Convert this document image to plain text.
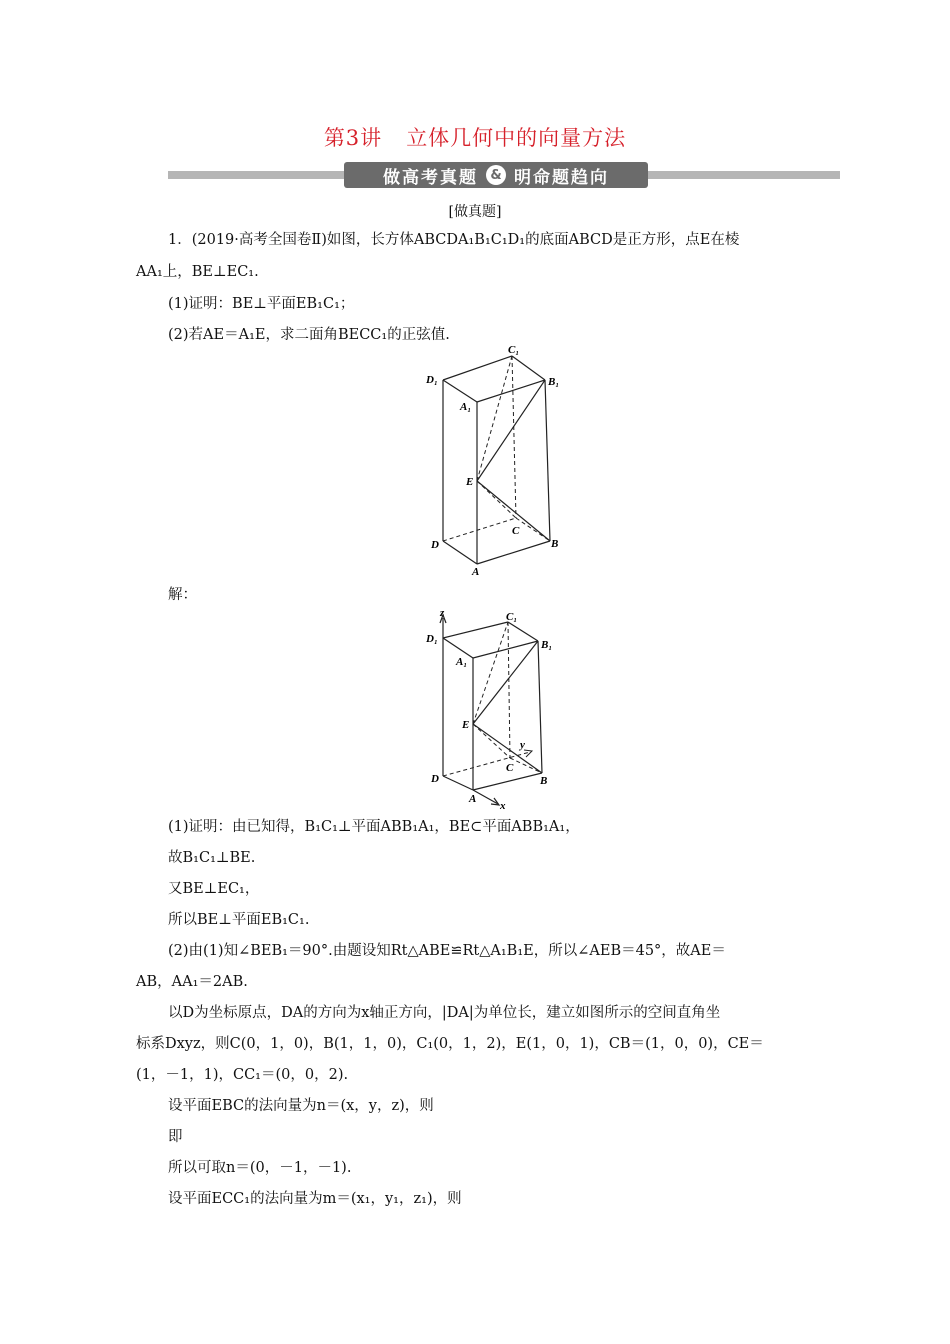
第3讲 立体几何中的向量方法
做高考真题 & 明命题趋向
[做真题]
1．(2019·高考全国卷Ⅱ)如图，长方体ABCDA₁B₁C₁D₁的底面ABCD是正方形，点E在棱
AA₁上，BE⊥EC₁.
(1)证明：BE⊥平面EB₁C₁；
(2)若AE＝A₁E，求二面角BECC₁的正弦值.
D₁
C₁
B₁
A₁
E
D
C
B
A
解：
z
D₁
C₁
B₁
A₁
E
y
D
C
B
A
x
(1)证明：由已知得，B₁C₁⊥平面ABB₁A₁，BE⊂平面ABB₁A₁，
故B₁C₁⊥BE.
又BE⊥EC₁，
所以BE⊥平面EB₁C₁.
(2)由(1)知∠BEB₁＝90°.由题设知Rt△ABE≌Rt△A₁B₁E，所以∠AEB＝45°，故AE＝
AB，AA₁＝2AB.
以D为坐标原点，DA的方向为x轴正方向，|DA|为单位长，建立如图所示的空间直角坐
标系Dxyz，则C(0，1，0)，B(1，1，0)，C₁(0，1，2)，E(1，0，1)，CB＝(1，0，0)，CE＝
(1，－1，1)，CC₁＝(0，0，2).
设平面EBC的法向量为n＝(x，y，z)，则
即
所以可取n＝(0，－1，－1).
设平面ECC₁的法向量为m＝(x₁，y₁，z₁)，则
